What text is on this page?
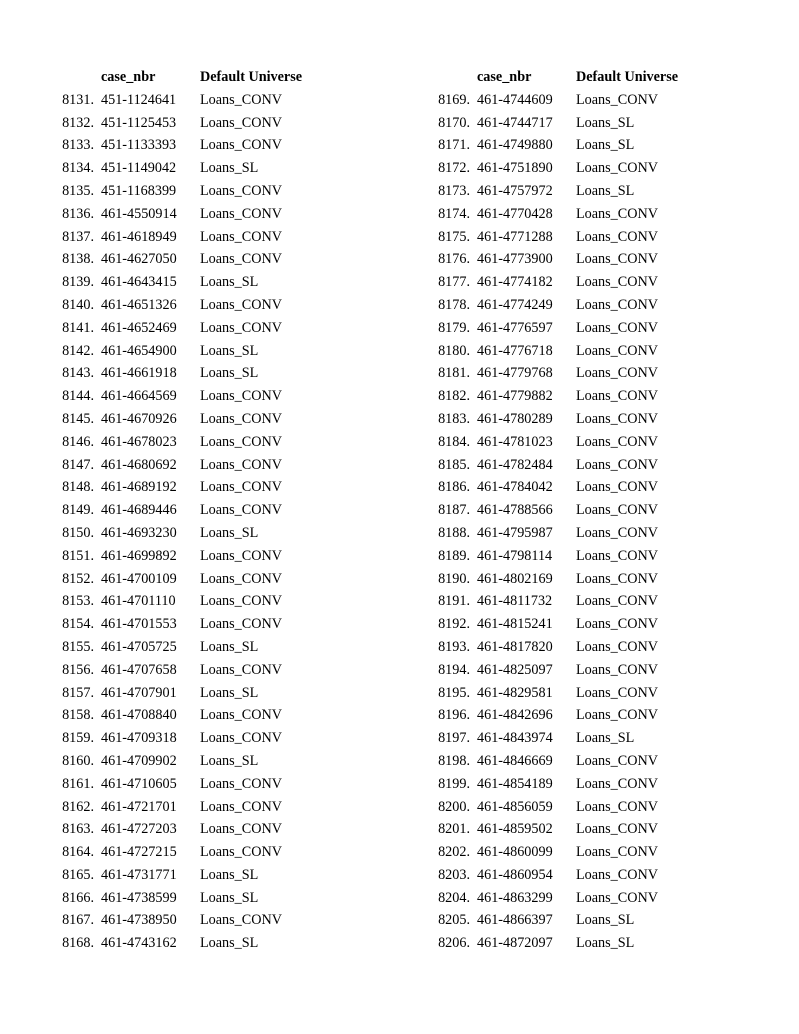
case_nbr	Default Universe
8131. 451-1124641 Loans_CONV
8132. 451-1125453 Loans_CONV
8133. 451-1133393 Loans_CONV
8134. 451-1149042 Loans_SL
8135. 451-1168399 Loans_CONV
8136. 461-4550914 Loans_CONV
8137. 461-4618949 Loans_CONV
8138. 461-4627050 Loans_CONV
8139. 461-4643415 Loans_SL
8140. 461-4651326 Loans_CONV
8141. 461-4652469 Loans_CONV
8142. 461-4654900 Loans_SL
8143. 461-4661918 Loans_SL
8144. 461-4664569 Loans_CONV
8145. 461-4670926 Loans_CONV
8146. 461-4678023 Loans_CONV
8147. 461-4680692 Loans_CONV
8148. 461-4689192 Loans_CONV
8149. 461-4689446 Loans_CONV
8150. 461-4693230 Loans_SL
8151. 461-4699892 Loans_CONV
8152. 461-4700109 Loans_CONV
8153. 461-4701110 Loans_CONV
8154. 461-4701553 Loans_CONV
8155. 461-4705725 Loans_SL
8156. 461-4707658 Loans_CONV
8157. 461-4707901 Loans_SL
8158. 461-4708840 Loans_CONV
8159. 461-4709318 Loans_CONV
8160. 461-4709902 Loans_SL
8161. 461-4710605 Loans_CONV
8162. 461-4721701 Loans_CONV
8163. 461-4727203 Loans_CONV
8164. 461-4727215 Loans_CONV
8165. 461-4731771 Loans_SL
8166. 461-4738599 Loans_SL
8167. 461-4738950 Loans_CONV
8168. 461-4743162 Loans_SL
case_nbr	Default Universe
8169. 461-4744609 Loans_CONV
8170. 461-4744717 Loans_SL
8171. 461-4749880 Loans_SL
8172. 461-4751890 Loans_CONV
8173. 461-4757972 Loans_SL
8174. 461-4770428 Loans_CONV
8175. 461-4771288 Loans_CONV
8176. 461-4773900 Loans_CONV
8177. 461-4774182 Loans_CONV
8178. 461-4774249 Loans_CONV
8179. 461-4776597 Loans_CONV
8180. 461-4776718 Loans_CONV
8181. 461-4779768 Loans_CONV
8182. 461-4779882 Loans_CONV
8183. 461-4780289 Loans_CONV
8184. 461-4781023 Loans_CONV
8185. 461-4782484 Loans_CONV
8186. 461-4784042 Loans_CONV
8187. 461-4788566 Loans_CONV
8188. 461-4795987 Loans_CONV
8189. 461-4798114 Loans_CONV
8190. 461-4802169 Loans_CONV
8191. 461-4811732 Loans_CONV
8192. 461-4815241 Loans_CONV
8193. 461-4817820 Loans_CONV
8194. 461-4825097 Loans_CONV
8195. 461-4829581 Loans_CONV
8196. 461-4842696 Loans_CONV
8197. 461-4843974 Loans_SL
8198. 461-4846669 Loans_CONV
8199. 461-4854189 Loans_CONV
8200. 461-4856059 Loans_CONV
8201. 461-4859502 Loans_CONV
8202. 461-4860099 Loans_CONV
8203. 461-4860954 Loans_CONV
8204. 461-4863299 Loans_CONV
8205. 461-4866397 Loans_SL
8206. 461-4872097 Loans_SL
